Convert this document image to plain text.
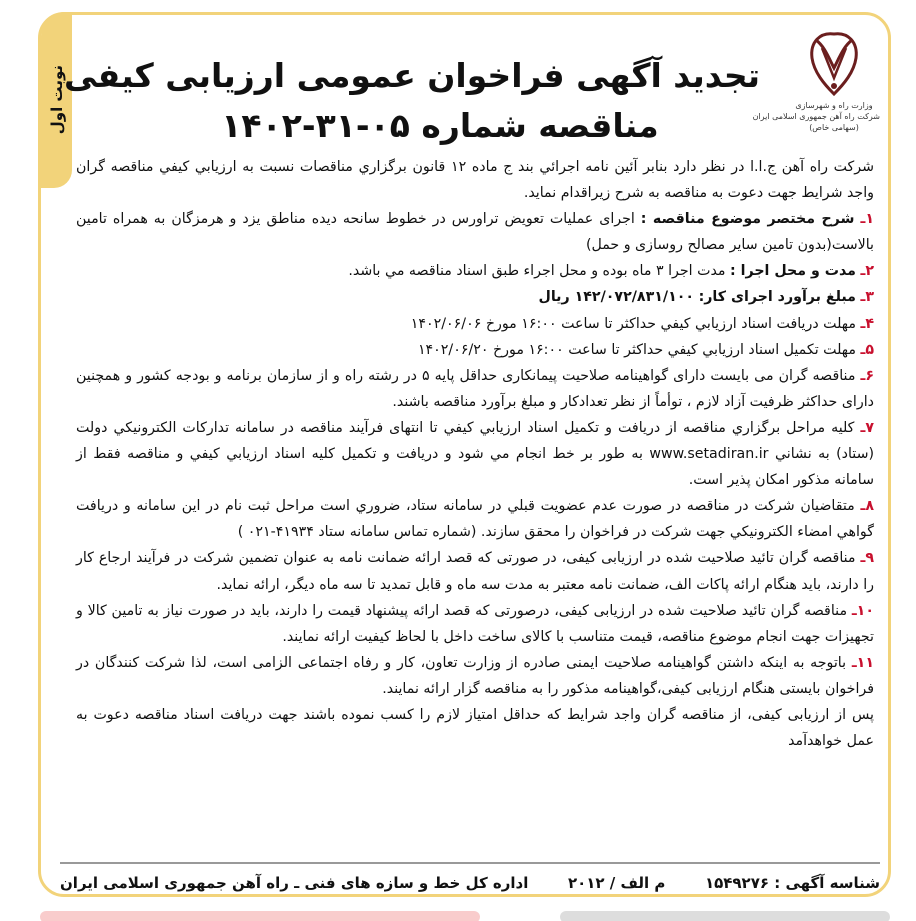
نوبت اول	وزارت راه و شهرسازی
شرکت راه آهن جمهوری اسلامی ایران
(سهامی خاص)
تجدید آگهی فراخوان عمومی ارزیابی کیفی
مناقصه شماره ۰۵-۳۱-۱۴۰۲

شرکت راه آهن ج.ا.ا در نظر دارد بنابر آئین نامه اجرائي بند ج ماده ۱۲ قانون برگزاري مناقصات نسبت به ارزيابي كيفي مناقصه گران واجد شرايط جهت دعوت به مناقصه به شرح زيراقدام نمايد.

۱ـ شرح مختصر موضوع مناقصه : اجرای عملیات تعویض تراورس در خطوط سانحه دیده مناطق یزد و هرمزگان به همراه تامین بالاست(بدون تامین سایر مصالح روسازی و حمل)

۲ـ مدت و محل اجرا : مدت اجرا ۳ ماه بوده و محل اجراء طبق اسناد مناقصه مي باشد.

۳ـ مبلغ برآورد اجرای کار: ۱۴۲/۰۷۲/۸۳۱/۱۰۰ ريال

۴ـ مهلت دريافت اسناد ارزيابي كيفي حداكثر تا ساعت ۱۶:۰۰ مورخ ۱۴۰۲/۰۶/۰۶

۵ـ مهلت تكميل اسناد ارزيابي كيفي حداكثر تا ساعت ۱۶:۰۰ مورخ ۱۴۰۲/۰۶/۲۰

۶ـ مناقصه گران می بایست دارای گواهینامه صلاحیت پیمانکاری حداقل پایه ۵ در رشته راه و از سازمان برنامه و بودجه کشور و همچنین دارای حداکثر ظرفیت آزاد لازم ، توأماً از نظر تعدادکار و مبلغ برآورد مناقصه باشند.

۷ـ كليه مراحل برگزاري مناقصه از دريافت و تكميل اسناد ارزيابي كيفي تا انتهای فرآيند مناقصه در سامانه تداركات الكترونيكي دولت (ستاد) به نشاني www.setadiran.ir به طور بر خط انجام مي شود و دريافت و تكميل كليه اسناد ارزيابي كيفي و مناقصه فقط از سامانه مذكور امكان پذير است.

۸ـ متقاضيان شركت در مناقصه در صورت عدم عضويت قبلي در سامانه ستاد، ضروري است مراحل ثبت نام در اين سامانه و دريافت گواهي امضاء الكترونيكي جهت شركت در فراخوان را محقق سازند. (شماره تماس سامانه ستاد ۴۱۹۳۴-۰۲۱ )

۹ـ مناقصه گران تائید صلاحیت شده در ارزیابی کیفی، در صورتی که قصد ارائه ضمانت نامه به عنوان تضمین شرکت در فرآیند ارجاع کار را دارند، باید هنگام ارائه پاکات الف، ضمانت نامه معتبر به مدت سه ماه و قابل تمدید تا سه ماه دیگر، ارائه نماید.

۱۰ـ مناقصه گران تائید صلاحیت شده در ارزیابی کیفی، درصورتی که قصد ارائه پیشنهاد قیمت را دارند، باید در صورت نیاز به تامین کالا و تجهیزات جهت انجام موضوع مناقصه، قیمت متناسب با کالای ساخت داخل با لحاظ کیفیت ارائه نمایند.

۱۱ـ باتوجه به اینکه داشتن گواهینامه صلاحیت ایمنی صادره از وزارت تعاون، کار و رفاه اجتماعی الزامی است، لذا شرکت کنندگان در فراخوان بایستی هنگام ارزیابی کیفی،گواهینامه مذکور را به مناقصه گزار ارائه نمایند.

پس از ارزیابی کیفی، از مناقصه گران واجد شرایط که حداقل امتیاز لازم را کسب نموده باشند جهت دریافت اسناد مناقصه دعوت به عمل خواهدآمد

شناسه آگهی : ۱۵۴۹۲۷۶
م الف / ۲۰۱۲
اداره کل خط و سازه های فنی ـ راه آهن جمهوری اسلامی ایران
